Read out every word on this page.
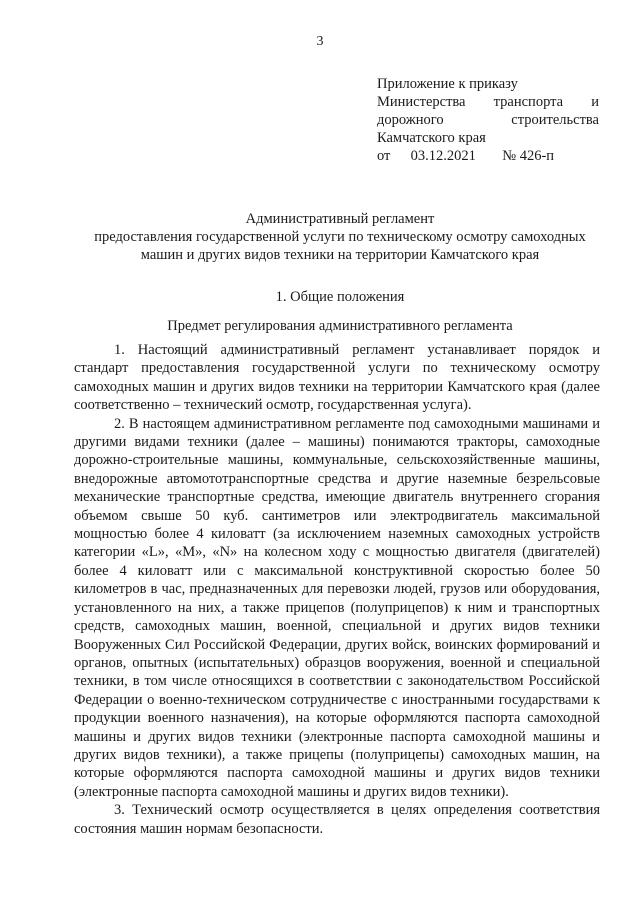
3
Приложение к приказу
Министерства транспорта и
дорожного строительства
Камчатского края
от 03.12.2021 № 426-п
Административный регламент
предоставления государственной услуги по техническому осмотру самоходных
машин и других видов техники на территории Камчатского края
1. Общие положения
Предмет регулирования административного регламента

1. Настоящий административный регламент устанавливает порядок и стандарт предоставления государственной услуги по техническому осмотру самоходных машин и других видов техники на территории Камчатского края (далее соответственно – технический осмотр, государственная услуга).

2. В настоящем административном регламенте под самоходными машинами и другими видами техники (далее – машины) понимаются тракторы, самоходные дорожно-строительные машины, коммунальные, сельскохозяйственные машины, внедорожные автомототранспортные средства и другие наземные безрельсовые механические транспортные средства, имеющие двигатель внутреннего сгорания объемом свыше 50 куб. сантиметров или электродвигатель максимальной мощностью более 4 киловатт (за исключением наземных самоходных устройств категории «L», «M», «N» на колесном ходу с мощностью двигателя (двигателей) более 4 киловатт или с максимальной конструктивной скоростью более 50 километров в час, предназначенных для перевозки людей, грузов или оборудования, установленного на них, а также прицепов (полуприцепов) к ним и транспортных средств, самоходных машин, военной, специальной и других видов техники Вооруженных Сил Российской Федерации, других войск, воинских формирований и органов, опытных (испытательных) образцов вооружения, военной и специальной техники, в том числе относящихся в соответствии с законодательством Российской Федерации о военно-техническом сотрудничестве с иностранными государствами к продукции военного назначения), на которые оформляются паспорта самоходной машины и других видов техники (электронные паспорта самоходной машины и других видов техники), а также прицепы (полуприцепы) самоходных машин, на которые оформляются паспорта самоходной машины и других видов техники (электронные паспорта самоходной машины и других видов техники).

3. Технический осмотр осуществляется в целях определения соответствия состояния машин нормам безопасности.
